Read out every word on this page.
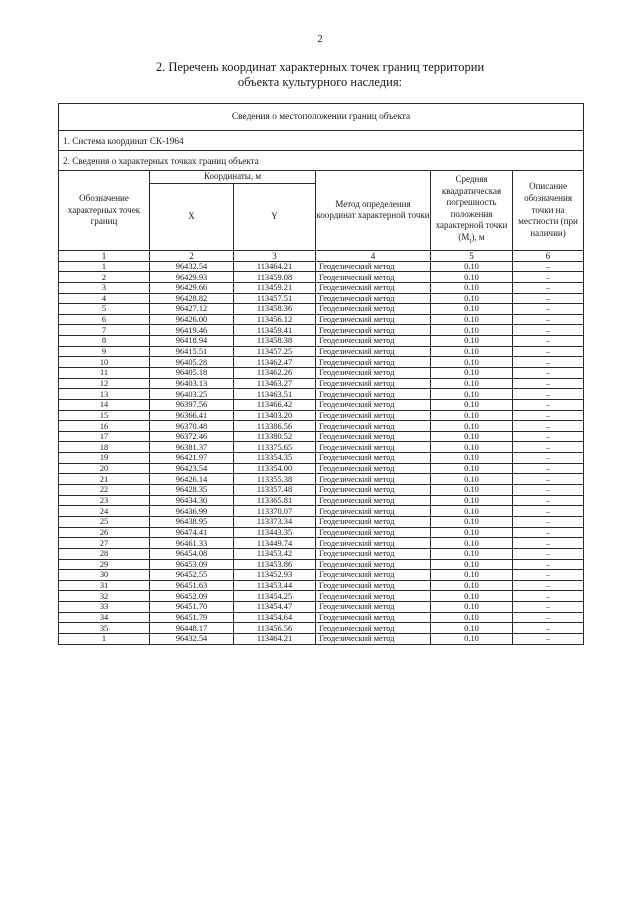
2
2. Перечень координат характерных точек границ территории
объекта культурного наследия:
Сведения о местоположении границ объекта					
1. Система координат СК-1964					
2. Сведения о характерных точках границ объекта					
Обозначение характерных точек границ	Координаты, м		Метод определения координат характерной точки	Средняя квадратическая погрешность положения характерной точки $(M_t)$, м	Описание обозначения точки на местности (при наличии)
	X	Y			
1	2	3	4	5	6
1	96432.54	113464.21	Геодезический метод	0.10	–
2	96429.93	113459.08	Геодезический метод	0.10	–
3	96429.66	113459.21	Геодезический метод	0.10	–
4	96428.82	113457.51	Геодезический метод	0.10	–
5	96427.12	113458.36	Геодезический метод	0.10	–
6	96426.00	113456.12	Геодезический метод	0.10	–
7	96419.46	113459.41	Геодезический метод	0.10	–
8	96418.94	113458.38	Геодезический метод	0.10	–
9	96415.51	113457.25	Геодезический метод	0.10	–
10	96405.28	113462.47	Геодезический метод	0.10	–
11	96405.18	113462.26	Геодезический метод	0.10	–
12	96403.13	113463.27	Геодезический метод	0.10	–
13	96403.25	113463.51	Геодезический метод	0.10	–
14	96397.56	113466.42	Геодезический метод	0.10	–
15	96366.41	113403.20	Геодезический метод	0.10	–
16	96370.48	113386.56	Геодезический метод	0.10	–
17	96372.46	113380.52	Геодезический метод	0.10	–
18	96381.37	113375.65	Геодезический метод	0.10	–
19	96421.97	113354.35	Геодезический метод	0.10	–
20	96423.54	113354.00	Геодезический метод	0.10	–
21	96426.14	113355.38	Геодезический метод	0.10	–
22	96428.35	113357.48	Геодезический метод	0.10	–
23	96434.30	113365.81	Геодезический метод	0.10	–
24	96436.99	113370.07	Геодезический метод	0.10	–
25	96438.95	113373.34	Геодезический метод	0.10	–
26	96474.41	113443.35	Геодезический метод	0.10	–
27	96461.33	113449.74	Геодезический метод	0.10	–
28	96454.08	113453.42	Геодезический метод	0.10	–
29	96453.09	113453.86	Геодезический метод	0.10	–
30	96452.55	113452.93	Геодезический метод	0.10	–
31	96451.63	113453.44	Геодезический метод	0.10	–
32	96452.09	113454.25	Геодезический метод	0.10	–
33	96451.70	113454.47	Геодезический метод	0.10	–
34	96451.79	113454.64	Геодезический метод	0.10	–
35	96448.17	113456.56	Геодезический метод	0.10	–
1	96432.54	113464.21	Геодезический метод	0.10	–
